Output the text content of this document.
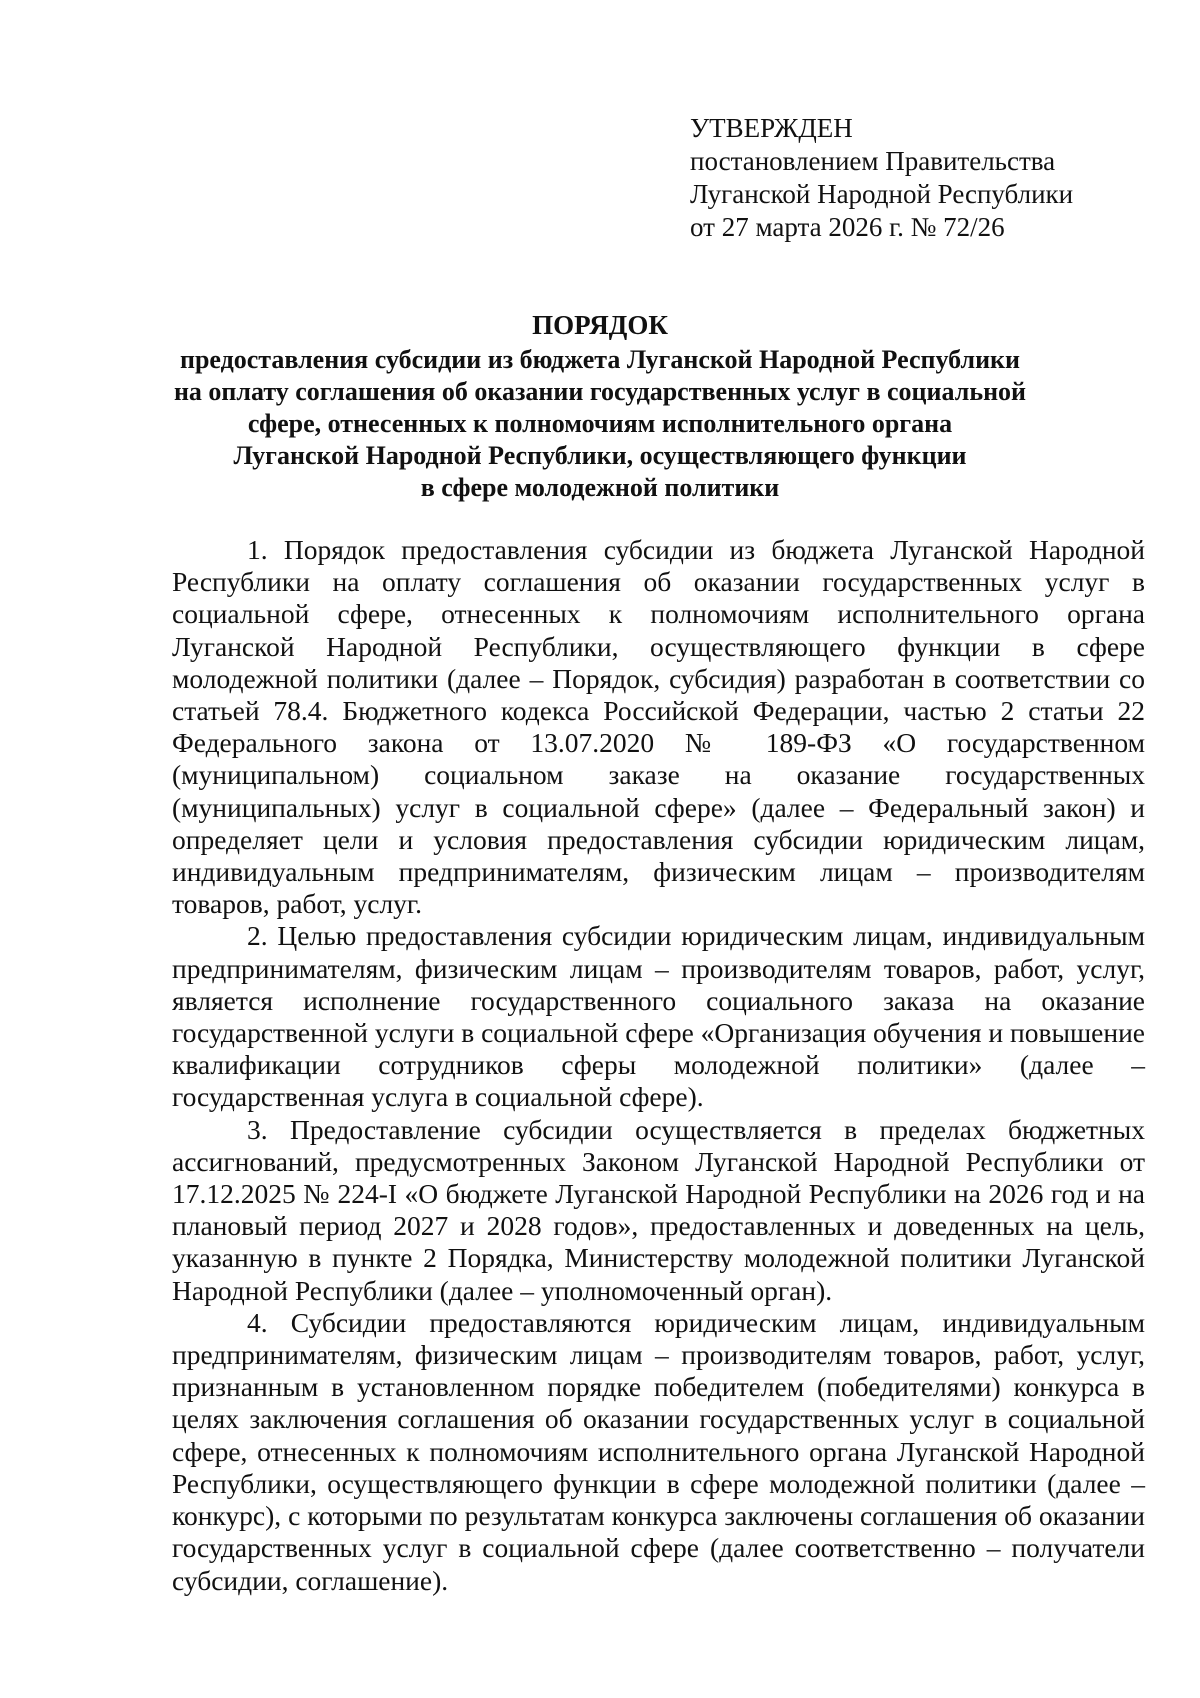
УТВЕРЖДЕН
постановлением Правительства
Луганской Народной Республики
от 27 марта 2026 г. № 72/26
ПОРЯДОК
предоставления субсидии из бюджета Луганской Народной Республики
на оплату соглашения об оказании государственных услуг в социальной
сфере, отнесенных к полномочиям исполнительного органа
Луганской Народной Республики, осуществляющего функции
в сфере молодежной политики

1. Порядок предоставления субсидии из бюджета Луганской Народной Республики на оплату соглашения об оказании государственных услуг в социальной сфере, отнесенных к полномочиям исполнительного органа Луганской Народной Республики, осуществляющего функции в сфере молодежной политики (далее – Порядок, субсидия) разработан в соответствии со статьей 78.4. Бюджетного кодекса Российской Федерации, частью 2 статьи 22 Федерального закона от 13.07.2020 № 189-ФЗ «О государственном (муниципальном) социальном заказе на оказание государственных (муниципальных) услуг в социальной сфере» (далее – Федеральный закон) и определяет цели и условия предоставления субсидии юридическим лицам, индивидуальным предпринимателям, физическим лицам – производителям товаров, работ, услуг.

2. Целью предоставления субсидии юридическим лицам, индивидуальным предпринимателям, физическим лицам – производителям товаров, работ, услуг, является исполнение государственного социального заказа на оказание государственной услуги в социальной сфере «Организация обучения и повышение квалификации сотрудников сферы молодежной политики» (далее – государственная услуга в социальной сфере).

3. Предоставление субсидии осуществляется в пределах бюджетных ассигнований, предусмотренных Законом Луганской Народной Республики от 17.12.2025 № 224-I «О бюджете Луганской Народной Республики на 2026 год и на плановый период 2027 и 2028 годов», предоставленных и доведенных на цель, указанную в пункте 2 Порядка, Министерству молодежной политики Луганской Народной Республики (далее – уполномоченный орган).

4. Субсидии предоставляются юридическим лицам, индивидуальным предпринимателям, физическим лицам – производителям товаров, работ, услуг, признанным в установленном порядке победителем (победителями) конкурса в целях заключения соглашения об оказании государственных услуг в социальной сфере, отнесенных к полномочиям исполнительного органа Луганской Народной Республики, осуществляющего функции в сфере молодежной политики (далее – конкурс), с которыми по результатам конкурса заключены соглашения об оказании государственных услуг в социальной сфере (далее соответственно – получатели субсидии, соглашение).
